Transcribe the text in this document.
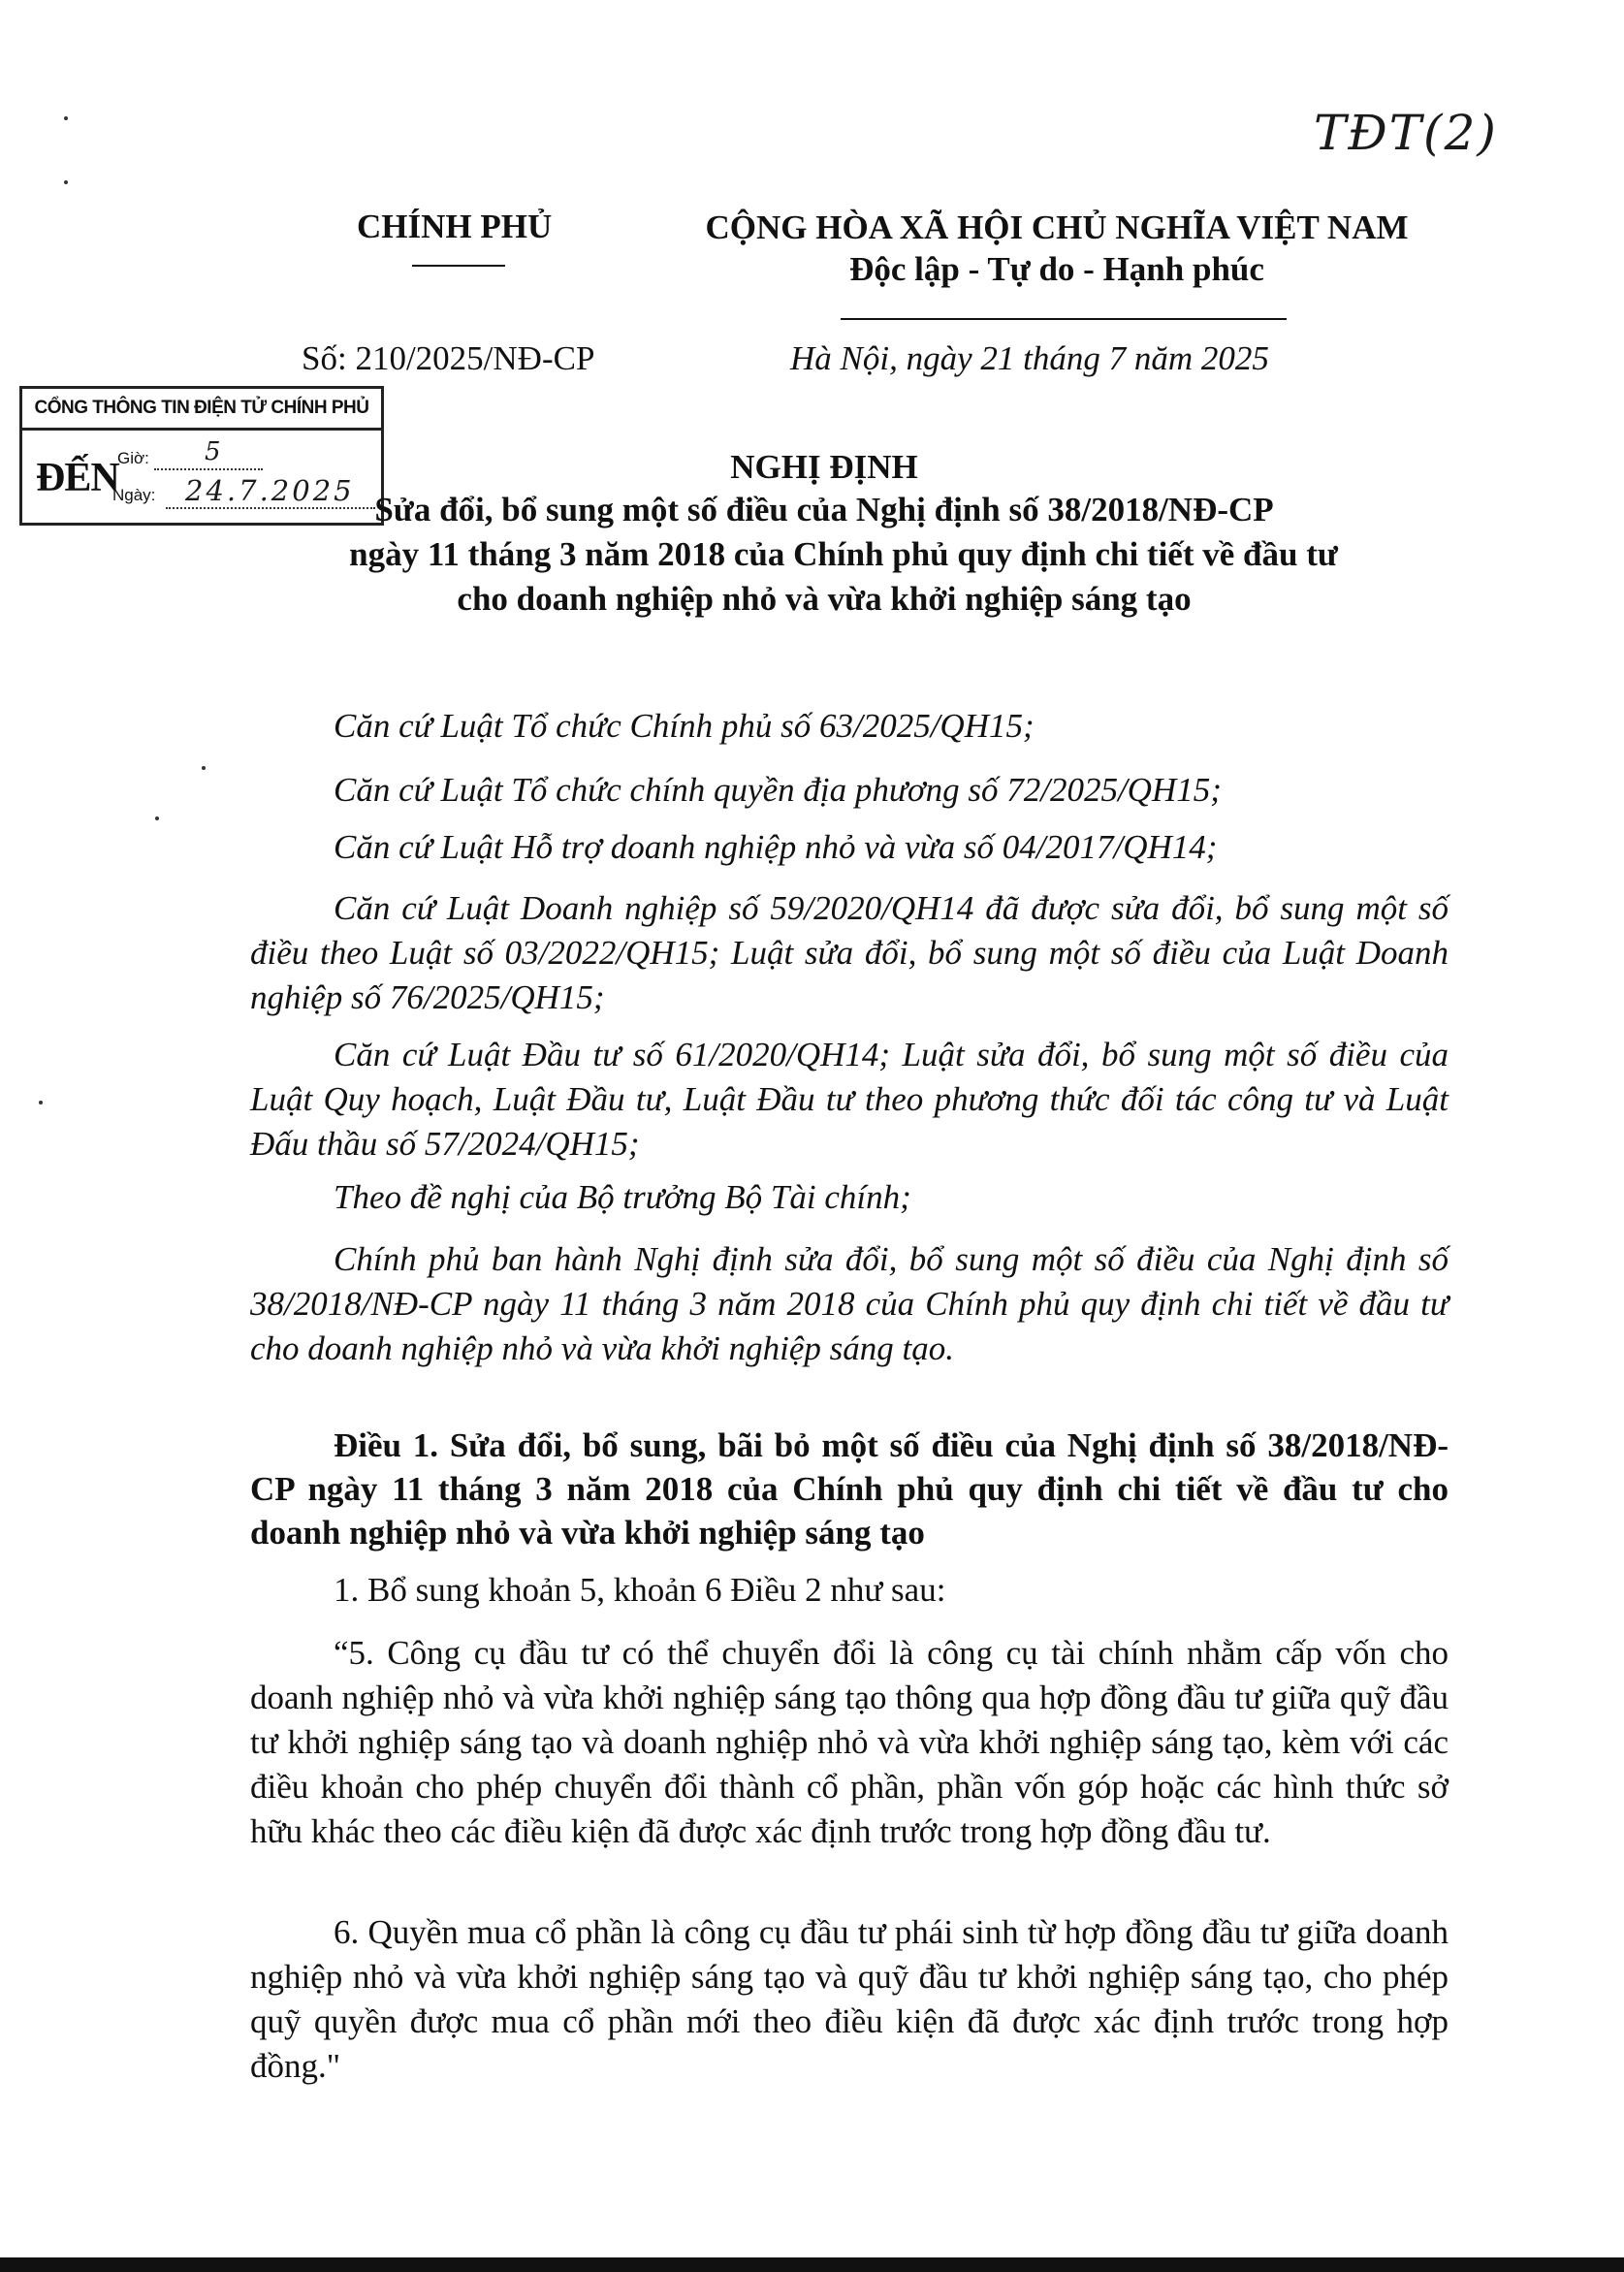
TĐT(2)
CHÍNH PHỦ	CỘNG HÒA XÃ HỘI CHỦ NGHĨA VIỆT NAM
Độc lập - Tự do - Hạnh phúc
Số: 210/2025/NĐ-CP	Hà Nội, ngày 21 tháng 7 năm 2025
CỔNG THÔNG TIN ĐIỆN TỬ CHÍNH PHỦ
ĐẾN
Giờ: 5
Ngày: 24.7.2025
NGHỊ ĐỊNH
Sửa đổi, bổ sung một số điều của Nghị định số 38/2018/NĐ-CP
ngày 11 tháng 3 năm 2018 của Chính phủ quy định chi tiết về đầu tư
cho doanh nghiệp nhỏ và vừa khởi nghiệp sáng tạo
Căn cứ Luật Tổ chức Chính phủ số 63/2025/QH15;
Căn cứ Luật Tổ chức chính quyền địa phương số 72/2025/QH15;
Căn cứ Luật Hỗ trợ doanh nghiệp nhỏ và vừa số 04/2017/QH14;
Căn cứ Luật Doanh nghiệp số 59/2020/QH14 đã được sửa đổi, bổ sung một số điều theo Luật số 03/2022/QH15; Luật sửa đổi, bổ sung một số điều của Luật Doanh nghiệp số 76/2025/QH15;
Căn cứ Luật Đầu tư số 61/2020/QH14; Luật sửa đổi, bổ sung một số điều của Luật Quy hoạch, Luật Đầu tư, Luật Đầu tư theo phương thức đối tác công tư và Luật Đấu thầu số 57/2024/QH15;
Theo đề nghị của Bộ trưởng Bộ Tài chính;
Chính phủ ban hành Nghị định sửa đổi, bổ sung một số điều của Nghị định số 38/2018/NĐ-CP ngày 11 tháng 3 năm 2018 của Chính phủ quy định chi tiết về đầu tư cho doanh nghiệp nhỏ và vừa khởi nghiệp sáng tạo.
Điều 1. Sửa đổi, bổ sung, bãi bỏ một số điều của Nghị định số 38/2018/NĐ-CP ngày 11 tháng 3 năm 2018 của Chính phủ quy định chi tiết về đầu tư cho doanh nghiệp nhỏ và vừa khởi nghiệp sáng tạo
1. Bổ sung khoản 5, khoản 6 Điều 2 như sau:
“5. Công cụ đầu tư có thể chuyển đổi là công cụ tài chính nhằm cấp vốn cho doanh nghiệp nhỏ và vừa khởi nghiệp sáng tạo thông qua hợp đồng đầu tư giữa quỹ đầu tư khởi nghiệp sáng tạo và doanh nghiệp nhỏ và vừa khởi nghiệp sáng tạo, kèm với các điều khoản cho phép chuyển đổi thành cổ phần, phần vốn góp hoặc các hình thức sở hữu khác theo các điều kiện đã được xác định trước trong hợp đồng đầu tư.
6. Quyền mua cổ phần là công cụ đầu tư phái sinh từ hợp đồng đầu tư giữa doanh nghiệp nhỏ và vừa khởi nghiệp sáng tạo và quỹ đầu tư khởi nghiệp sáng tạo, cho phép quỹ quyền được mua cổ phần mới theo điều kiện đã được xác định trước trong hợp đồng."
